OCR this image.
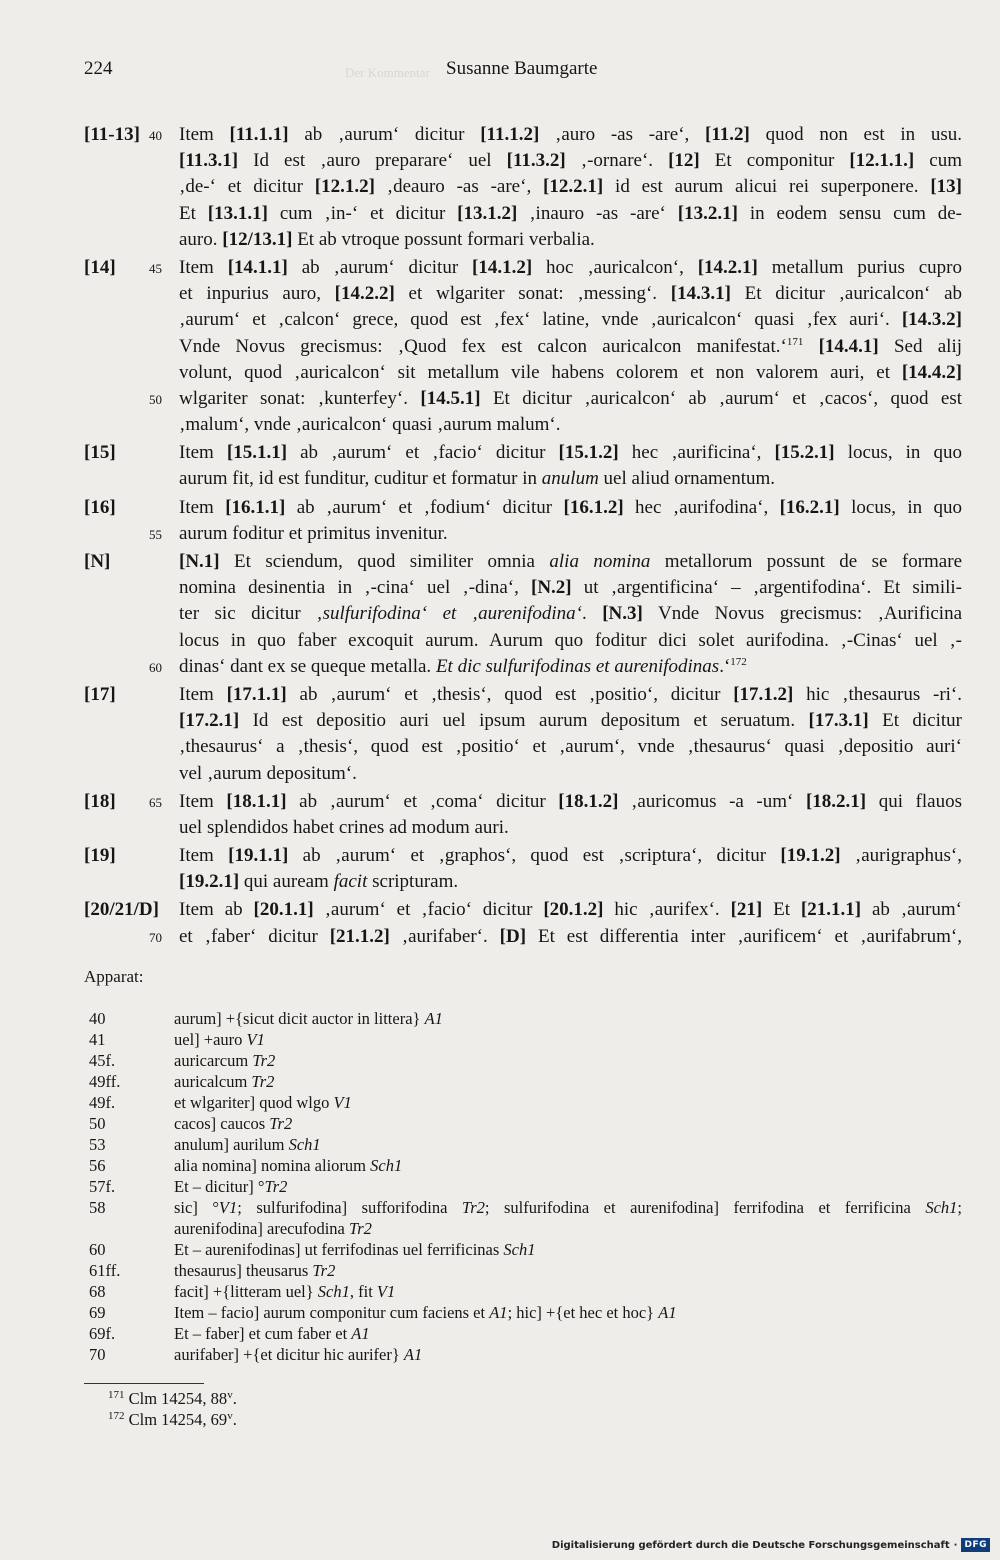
Der Kommentar
224	Susanne Baumgarte
[11-13] 40 Item [11.1.1] ab ‚aurum‘ dicitur [11.1.2] ‚auro -as -are‘, [11.2] quod non est in usu.
[11.3.1] Id est ‚auro preparare‘ uel [11.3.2] ‚-ornare‘. [12] Et componitur [12.1.1.] cum
‚de-‘ et dicitur [12.1.2] ‚deauro -as -are‘, [12.2.1] id est aurum alicui rei superponere. [13]
Et [13.1.1] cum ‚in-‘ et dicitur [13.1.2] ‚inauro -as -are‘ [13.2.1] in eodem sensu cum de-
auro. [12/13.1] Et ab vtroque possunt formari verbalia.
[14]	45 Item [14.1.1] ab ‚aurum‘ dicitur [14.1.2] hoc ‚auricalcon‘, [14.2.1] metallum purius cupro
et inpurius auro, [14.2.2] et wlgariter sonat: ‚messing‘. [14.3.1] Et dicitur ‚auricalcon‘ ab
‚aurum‘ et ‚calcon‘ grece, quod est ‚fex‘ latine, vnde ‚auricalcon‘ quasi ‚fex auri‘. [14.3.2]
Vnde Novus grecismus: ‚Quod fex est calcon auricalcon manifestat.‘$^{171}$ [14.4.1] Sed alij
volunt, quod ‚auricalcon‘ sit metallum vile habens colorem et non valorem auri, et [14.4.2]
50 wlgariter sonat: ‚kunterfey‘. [14.5.1] Et dicitur ‚auricalcon‘ ab ‚aurum‘ et ‚cacos‘, quod est
‚malum‘, vnde ‚auricalcon‘ quasi ‚aurum malum‘.
[15]	Item [15.1.1] ab ‚aurum‘ et ‚facio‘ dicitur [15.1.2] hec ‚aurificina‘, [15.2.1] locus, in quo
aurum fit, id est funditur, cuditur et formatur in anulum uel aliud ornamentum.
[16]	Item [16.1.1] ab ‚aurum‘ et ‚fodium‘ dicitur [16.1.2] hec ‚aurifodina‘, [16.2.1] locus, in quo
55 aurum foditur et primitus invenitur.
[N]	[N.1] Et sciendum, quod similiter omnia alia nomina metallorum possunt de se formare
nomina desinentia in ‚-cina‘ uel ‚-dina‘, [N.2] ut ‚argentificina‘ – ‚argentifodina‘. Et simili-
ter sic dicitur ‚sulfurifodina‘ et ‚aurenifodina‘. [N.3] Vnde Novus grecismus: ‚Aurificina
locus in quo faber excoquit aurum. Aurum quo foditur dici solet aurifodina. ‚-Cinas‘ uel ‚-
60 dinas‘ dant ex se queque metalla. Et dic sulfurifodinas et aurenifodinas.‘$^{172}$
[17]	Item [17.1.1] ab ‚aurum‘ et ‚thesis‘, quod est ‚positio‘, dicitur [17.1.2] hic ‚thesaurus -ri‘.
[17.2.1] Id est depositio auri uel ipsum aurum depositum et seruatum. [17.3.1] Et dicitur
‚thesaurus‘ a ‚thesis‘, quod est ‚positio‘ et ‚aurum‘, vnde ‚thesaurus‘ quasi ‚depositio auri‘
vel ‚aurum depositum‘.
[18]	65 Item [18.1.1] ab ‚aurum‘ et ‚coma‘ dicitur [18.1.2] ‚auricomus -a -um‘ [18.2.1] qui flauos
uel splendidos habet crines ad modum auri.
[19]	Item [19.1.1] ab ‚aurum‘ et ‚graphos‘, quod est ‚scriptura‘, dicitur [19.1.2] ‚aurigraphus‘,
[19.2.1] qui auream facit scripturam.
[20/21/D] Item ab [20.1.1] ‚aurum‘ et ‚facio‘ dicitur [20.1.2] hic ‚aurifex‘. [21] Et [21.1.1] ab ‚aurum‘
70 et ‚faber‘ dicitur [21.1.2] ‚aurifaber‘. [D] Et est differentia inter ‚aurificem‘ et ‚aurifabrum‘,
Apparat:
40	aurum] +{sicut dicit auctor in littera} A1
41	uel] +auro V1
45f.	auricarcum Tr2
49ff.	auricalcum Tr2
49f.	et wlgariter] quod wlgo V1
50	cacos] caucos Tr2
53	anulum] aurilum Sch1
56	alia nomina] nomina aliorum Sch1
57f.	Et – dicitur] °Tr2
58	sic] °V1; sulfurifodina] sufforifodina Tr2; sulfurifodina et aurenifodina] ferrifodina et ferrificina Sch1;
aurenifodina] arecufodina Tr2
60	Et – aurenifodinas] ut ferrifodinas uel ferrificinas Sch1
61ff.	thesaurus] theusarus Tr2
68	facit] +{litteram uel} Sch1, fit V1
69	Item – facio] aurum componitur cum faciens et A1; hic] +{et hec et hoc} A1
69f.	Et – faber] et cum faber et A1
70	aurifaber] +{et dicitur hic aurifer} A1
$^{171}$ Clm 14254, 88$^v$.
$^{172}$ Clm 14254, 69$^v$.
Digitalisierung gefördert durch die Deutsche Forschungsgemeinschaft · DFG
